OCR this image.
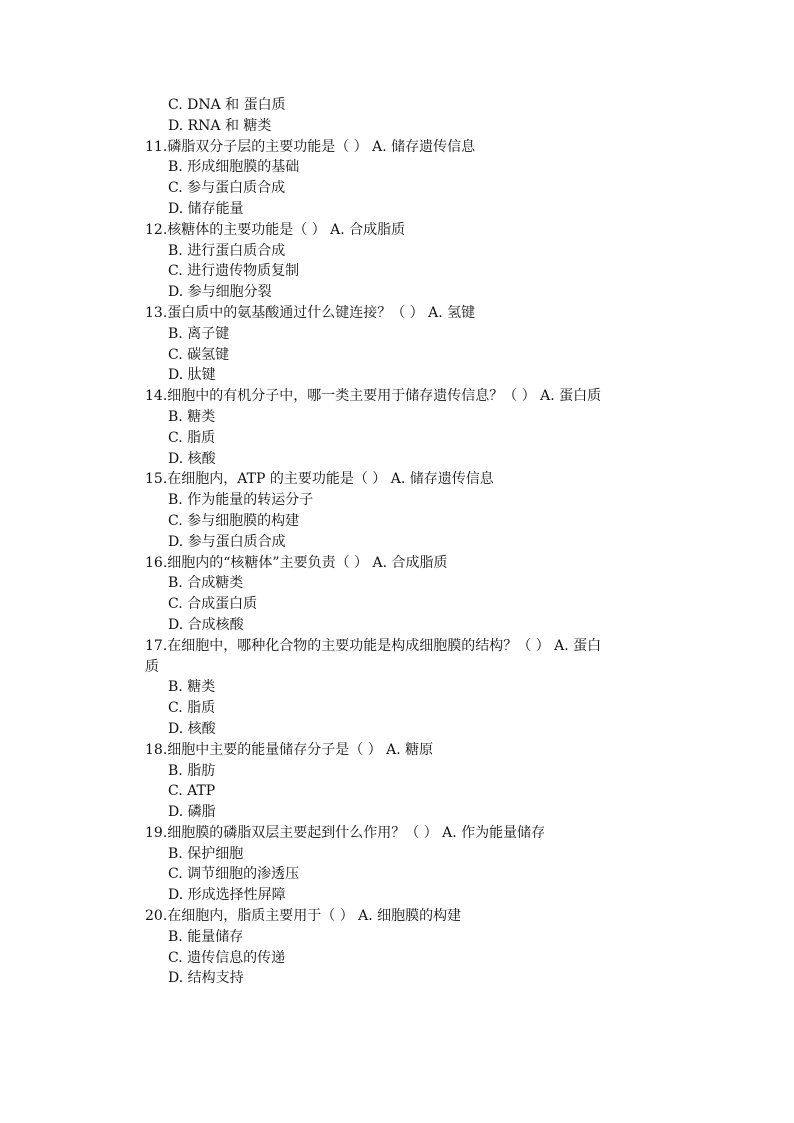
C. DNA 和 蛋白质
D. RNA 和 糖类
11.磷脂双分子层的主要功能是（ ） A. 储存遗传信息
B. 形成细胞膜的基础
C. 参与蛋白质合成
D. 储存能量
12.核糖体的主要功能是（ ） A. 合成脂质
B. 进行蛋白质合成
C. 进行遗传物质复制
D. 参与细胞分裂
13.蛋白质中的氨基酸通过什么键连接？（ ） A. 氢键
B. 离子键
C. 碳氢键
D. 肽键
14.细胞中的有机分子中，哪一类主要用于储存遗传信息？（ ） A. 蛋白质
B. 糖类
C. 脂质
D. 核酸
15.在细胞内，ATP 的主要功能是（ ） A. 储存遗传信息
B. 作为能量的转运分子
C. 参与细胞膜的构建
D. 参与蛋白质合成
16.细胞内的“核糖体”主要负责（ ） A. 合成脂质
B. 合成糖类
C. 合成蛋白质
D. 合成核酸
17.在细胞中，哪种化合物的主要功能是构成细胞膜的结构？（ ） A. 蛋白
质
B. 糖类
C. 脂质
D. 核酸
18.细胞中主要的能量储存分子是（ ） A. 糖原
B. 脂肪
C. ATP
D. 磷脂
19.细胞膜的磷脂双层主要起到什么作用？（ ） A. 作为能量储存
B. 保护细胞
C. 调节细胞的渗透压
D. 形成选择性屏障
20.在细胞内，脂质主要用于（ ） A. 细胞膜的构建
B. 能量储存
C. 遗传信息的传递
D. 结构支持
